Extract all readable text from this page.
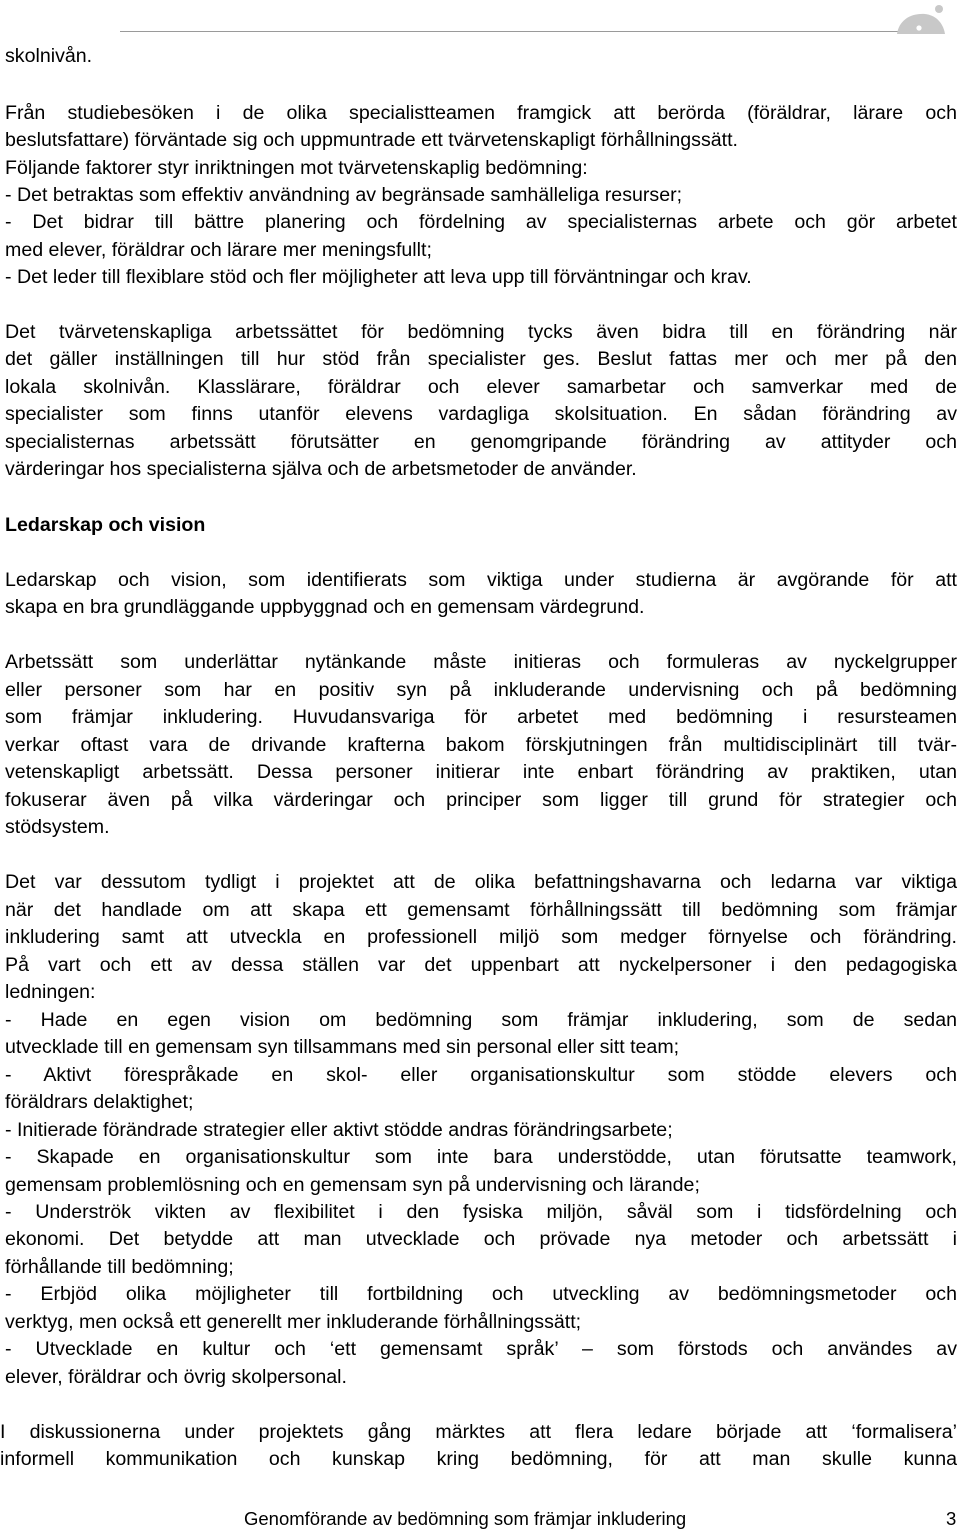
skolnivån.
Från studiebesöken i de olika specialistteamen framgick att berörda (föräldrar, lärare och
beslutsfattare) förväntade sig och uppmuntrade ett tvärvetenskapligt förhållningssätt.
Följande faktorer styr inriktningen mot tvärvetenskaplig bedömning:
- Det betraktas som effektiv användning av begränsade samhälleliga resurser;
- Det bidrar till bättre planering och fördelning av specialisternas arbete och gör arbetet
med elever, föräldrar och lärare mer meningsfullt;
- Det leder till flexiblare stöd och fler möjligheter att leva upp till förväntningar och krav.
Det tvärvetenskapliga arbetssättet för bedömning tycks även bidra till en förändring när
det gäller inställningen till hur stöd från specialister ges. Beslut fattas mer och mer på den
lokala skolnivån. Klasslärare, föräldrar och elever samarbetar och samverkar med de
specialister som finns utanför elevens vardagliga skolsituation. En sådan förändring av
specialisternas arbetssätt förutsätter en genomgripande förändring av attityder och
värderingar hos specialisterna själva och de arbetsmetoder de använder.
Ledarskap och vision
Ledarskap och vision, som identifierats som viktiga under studierna är avgörande för att
skapa en bra grundläggande uppbyggnad och en gemensam värdegrund.
Arbetssätt som underlättar nytänkande måste initieras och formuleras av nyckelgrupper
eller personer som har en positiv syn på inkluderande undervisning och på bedömning
som främjar inkludering. Huvudansvariga för arbetet med bedömning i resursteamen
verkar oftast vara de drivande krafterna bakom förskjutningen från multidisciplinärt till tvär-
vetenskapligt arbetssätt. Dessa personer initierar inte enbart förändring av praktiken, utan
fokuserar även på vilka värderingar och principer som ligger till grund för strategier och
stödsystem.
Det var dessutom tydligt i projektet att de olika befattningshavarna och ledarna var viktiga
när det handlade om att skapa ett gemensamt förhållningssätt till bedömning som främjar
inkludering samt att utveckla en professionell miljö som medger förnyelse och förändring.
På vart och ett av dessa ställen var det uppenbart att nyckelpersoner i den pedagogiska
ledningen:
- Hade en egen vision om bedömning som främjar inkludering, som de sedan
utvecklade till en gemensam syn tillsammans med sin personal eller sitt team;
- Aktivt förespråkade en skol- eller organisationskultur som stödde elevers och
föräldrars delaktighet;
- Initierade förändrade strategier eller aktivt stödde andras förändringsarbete;
- Skapade en organisationskultur som inte bara understödde, utan förutsatte teamwork,
gemensam problemlösning och en gemensam syn på undervisning och lärande;
- Underströk vikten av flexibilitet i den fysiska miljön, såväl som i tidsfördelning och
ekonomi. Det betydde att man utvecklade och prövade nya metoder och arbetssätt i
förhållande till bedömning;
- Erbjöd olika möjligheter till fortbildning och utveckling av bedömningsmetoder och
verktyg, men också ett generellt mer inkluderande förhållningssätt;
- Utvecklade en kultur och ‘ett gemensamt språk’ – som förstods och användes av
elever, föräldrar och övrig skolpersonal.
I diskussionerna under projektets gång märktes att flera ledare började att ‘formalisera’
informell kommunikation och kunskap kring bedömning, för att man skulle kunna
Genomförande av bedömning som främjar inkludering	3
